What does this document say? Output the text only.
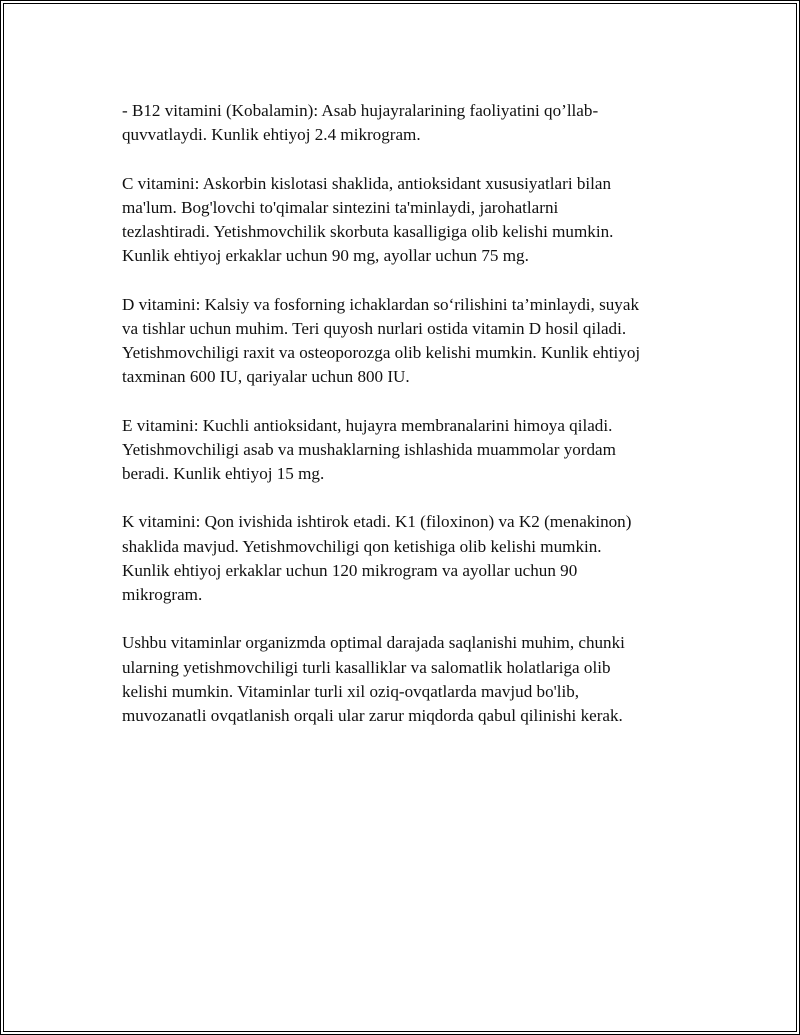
- B12 vitamini (Kobalamin): Asab hujayralarining faoliyatini qo’llab-
quvvatlaydi. Kunlik ehtiyoj 2.4 mikrogram.

C vitamini: Askorbin kislotasi shaklida, antioksidant xususiyatlari bilan
ma'lum. Bog'lovchi to'qimalar sintezini ta'minlaydi, jarohatlarni
tezlashtiradi. Yetishmovchilik skorbuta kasalligiga olib kelishi mumkin.
Kunlik ehtiyoj erkaklar uchun 90 mg, ayollar uchun 75 mg.

D vitamini: Kalsiy va fosforning ichaklardan so‘rilishini ta’minlaydi, suyak
va tishlar uchun muhim. Teri quyosh nurlari ostida vitamin D hosil qiladi.
Yetishmovchiligi raxit va osteoporozga olib kelishi mumkin. Kunlik ehtiyoj
taxminan 600 IU, qariyalar uchun 800 IU.

E vitamini: Kuchli antioksidant, hujayra membranalarini himoya qiladi.
Yetishmovchiligi asab va mushaklarning ishlashida muammolar yordam
beradi. Kunlik ehtiyoj 15 mg.

K vitamini: Qon ivishida ishtirok etadi. K1 (filoxinon) va K2 (menakinon)
shaklida mavjud. Yetishmovchiligi qon ketishiga olib kelishi mumkin.
Kunlik ehtiyoj erkaklar uchun 120 mikrogram va ayollar uchun 90
mikrogram.

Ushbu vitaminlar organizmda optimal darajada saqlanishi muhim, chunki
ularning yetishmovchiligi turli kasalliklar va salomatlik holatlariga olib
kelishi mumkin. Vitaminlar turli xil oziq-ovqatlarda mavjud bo'lib,
muvozanatli ovqatlanish orqali ular zarur miqdorda qabul qilinishi kerak.
